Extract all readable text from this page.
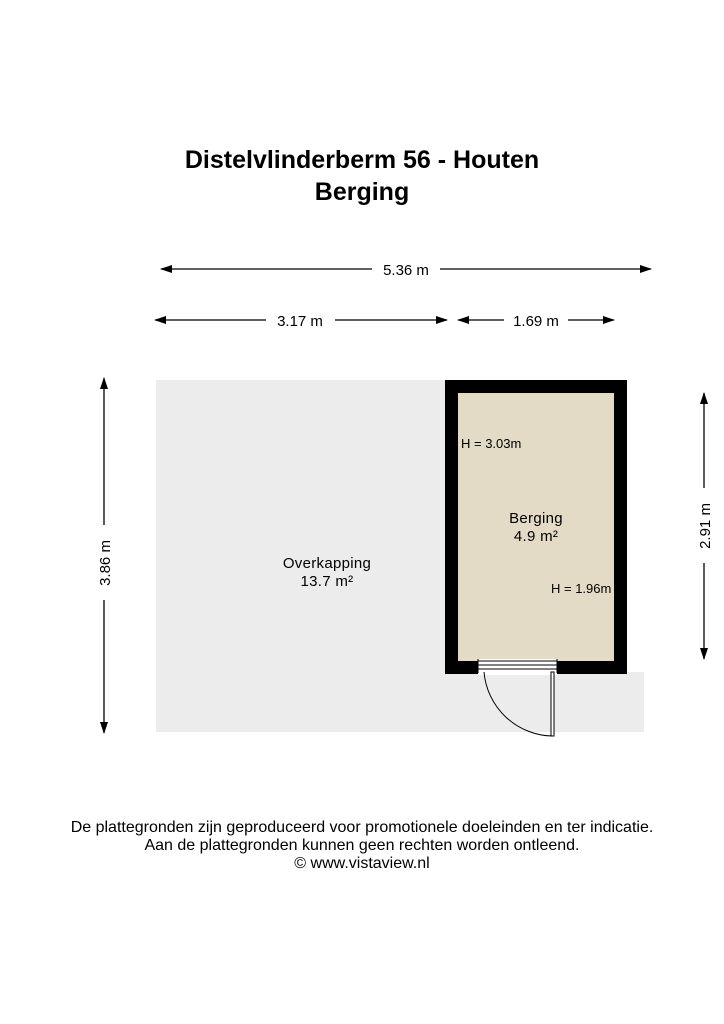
Distelvlinderberm 56 - Houten
Berging
5.36 m
3.17 m	1.69 m
3.86 m
2.91 m
Overkapping
13.7 m²
Berging
4.9 m²
H = 3.03m
H = 1.96m
De plattegronden zijn geproduceerd voor promotionele doeleinden en ter indicatie.
Aan de plattegronden kunnen geen rechten worden ontleend.
© www.vistaview.nl
